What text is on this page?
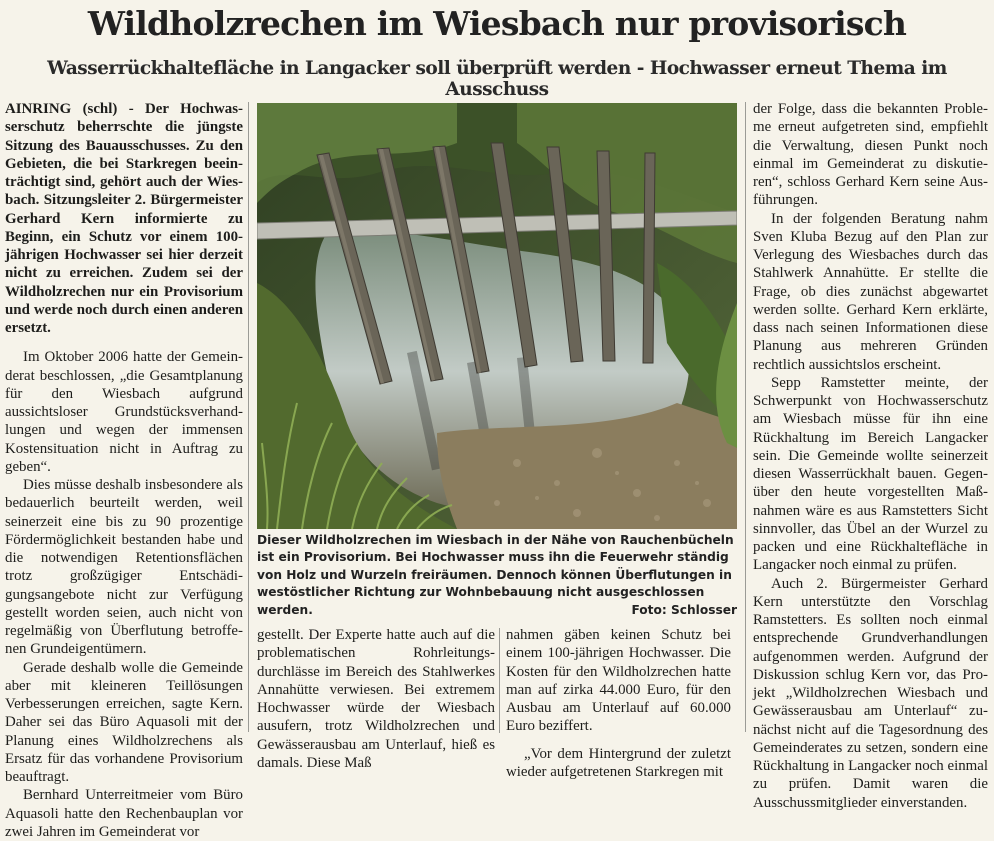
Wildholzrechen im Wiesbach nur provisorisch
Wasserrückhaltefläche in Langacker soll überprüft werden - Hochwasser erneut Thema im Ausschuss

AINRING (schl) - Der Hochwasserschutz beherrschte die jüngste Sitzung des Bauausschusses. Zu den Gebieten, die bei Starkregen beeinträchtigt sind, gehört auch der Wiesbach. Sitzungsleiter 2. Bürgermeister Gerhard Kern informierte zu Beginn, ein Schutz vor einem 100-jährigen Hochwasser sei hier derzeit nicht zu erreichen. Zudem sei der Wildholzrechen nur ein Provisorium und werde noch durch einen anderen ersetzt.

Im Oktober 2006 hatte der Gemeinderat beschlossen, „die Gesamtplanung für den Wiesbach aufgrund aussichtsloser Grundstücksverhandlungen und wegen der immensen Kostensituation nicht in Auftrag zu geben“.

Dies müsse deshalb insbesondere als bedauerlich beurteilt werden, weil seinerzeit eine bis zu 90 prozentige Fördermöglichkeit bestanden habe und die notwendigen Retentionsflächen trotz großzügiger Entschädigungsangebote nicht zur Verfügung gestellt worden seien, auch nicht von regelmäßig von Überflutung betroffenen Grundeigentümern.

Gerade deshalb wolle die Gemeinde aber mit kleineren Teillösungen Verbesserungen erreichen, sagte Kern. Daher sei das Büro Aquasoli mit der Planung eines Wildholzrechens als Ersatz für das vorhandene Provisorium beauftragt.

Bernhard Unterreitmeier vom Büro Aquasoli hatte den Rechenbauplan vor zwei Jahren im Gemeinderat vor

Dieser Wildholzrechen im Wiesbach in der Nähe von Rauchenbücheln ist ein Provisorium. Bei Hochwasser muss ihn die Feuerwehr ständig von Holz und Wurzeln freiräumen. Dennoch können Überflutungen in westöstlicher Richtung zur Wohnbebauung nicht ausgeschlossen werden.	Foto: Schlosser

gestellt. Der Experte hatte auch auf die problematischen Rohrleitungsdurchlässe im Bereich des Stahlwerkes Annahütte verwiesen. Bei extremem Hochwasser würde der Wiesbach ausufern, trotz Wildholzrechen und Gewässerausbau am Unterlauf, hieß es damals. Diese Maß

nahmen gäben keinen Schutz bei einem 100-jährigen Hochwasser. Die Kosten für den Wildholzrechen hatte man auf zirka 44.000 Euro, für den Ausbau am Unterlauf auf 60.000 Euro beziffert.

„Vor dem Hintergrund der zuletzt wieder aufgetretenen Starkregen mit

der Folge, dass die bekannten Probleme erneut aufgetreten sind, empfiehlt die Verwaltung, diesen Punkt noch einmal im Gemeinderat zu diskutieren“, schloss Gerhard Kern seine Ausführungen.

In der folgenden Beratung nahm Sven Kluba Bezug auf den Plan zur Verlegung des Wiesbaches durch das Stahlwerk Annahütte. Er stellte die Frage, ob dies zunächst abgewartet werden sollte. Gerhard Kern erklärte, dass nach seinen Informationen diese Planung aus mehreren Gründen rechtlich aussichtslos erscheint.

Sepp Ramstetter meinte, der Schwerpunkt von Hochwasserschutz am Wiesbach müsse für ihn eine Rückhaltung im Bereich Langacker sein. Die Gemeinde wollte seinerzeit diesen Wasserrückhalt bauen. Gegenüber den heute vorgestellten Maßnahmen wäre es aus Ramstetters Sicht sinnvoller, das Übel an der Wurzel zu packen und eine Rückhaltefläche in Langacker noch einmal zu prüfen.

Auch 2. Bürgermeister Gerhard Kern unterstützte den Vorschlag Ramstetters. Es sollten noch einmal entsprechende Grundverhandlungen aufgenommen werden. Aufgrund der Diskussion schlug Kern vor, das Projekt „Wildholzrechen Wiesbach und Gewässerausbau am Unterlauf“ zunächst nicht auf die Tagesordnung des Gemeinderates zu setzen, sondern eine Rückhaltung in Langacker noch einmal zu prüfen. Damit waren die Ausschussmitglieder einverstanden.
